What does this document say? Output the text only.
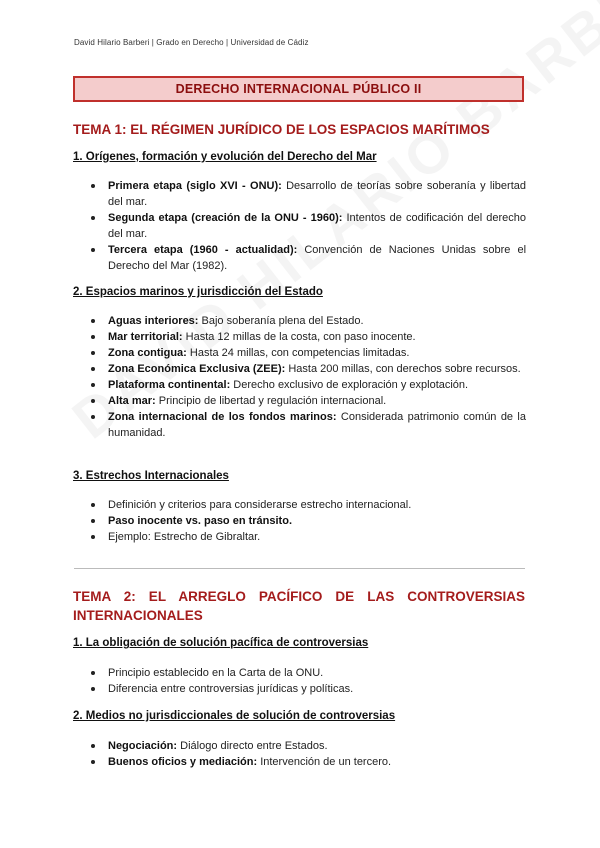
David Hilario Barberi | Grado en Derecho | Universidad de Cádiz
DERECHO INTERNACIONAL PÚBLICO II
TEMA 1: EL RÉGIMEN JURÍDICO DE LOS ESPACIOS MARÍTIMOS
1. Orígenes, formación y evolución del Derecho del Mar
Primera etapa (siglo XVI - ONU): Desarrollo de teorías sobre soberanía y libertad del mar.
Segunda etapa (creación de la ONU - 1960): Intentos de codificación del derecho del mar.
Tercera etapa (1960 - actualidad): Convención de Naciones Unidas sobre el Derecho del Mar (1982).
2. Espacios marinos y jurisdicción del Estado
Aguas interiores: Bajo soberanía plena del Estado.
Mar territorial: Hasta 12 millas de la costa, con paso inocente.
Zona contigua: Hasta 24 millas, con competencias limitadas.
Zona Económica Exclusiva (ZEE): Hasta 200 millas, con derechos sobre recursos.
Plataforma continental: Derecho exclusivo de exploración y explotación.
Alta mar: Principio de libertad y regulación internacional.
Zona internacional de los fondos marinos: Considerada patrimonio común de la humanidad.
3. Estrechos Internacionales
Definición y criterios para considerarse estrecho internacional.
Paso inocente vs. paso en tránsito.
Ejemplo: Estrecho de Gibraltar.
TEMA 2: EL ARREGLO PACÍFICO DE LAS CONTROVERSIAS
INTERNACIONALES
1. La obligación de solución pacífica de controversias
Principio establecido en la Carta de la ONU.
Diferencia entre controversias jurídicas y políticas.
2. Medios no jurisdiccionales de solución de controversias
Negociación: Diálogo directo entre Estados.
Buenos oficios y mediación: Intervención de un tercero.
